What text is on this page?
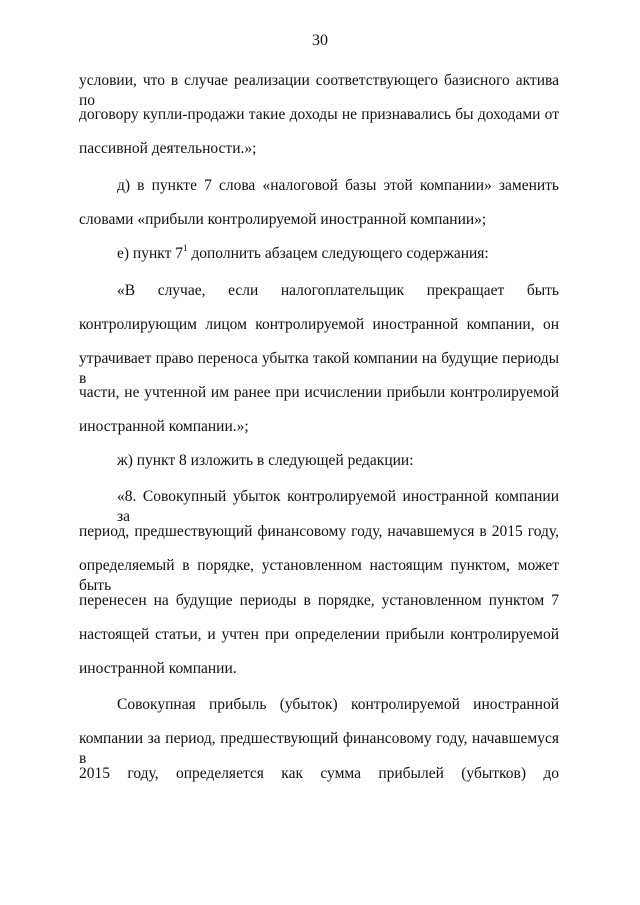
30
условии, что в случае реализации соответствующего базисного актива по
договору купли-продажи такие доходы не признавались бы доходами от
пассивной деятельности.»;
д) в пункте 7 слова «налоговой базы этой компании» заменить
словами «прибыли контролируемой иностранной компании»;
е) пункт $7^1$ дополнить абзацем следующего содержания:
«В случае, если налогоплательщик прекращает быть
контролирующим лицом контролируемой иностранной компании, он
утрачивает право переноса убытка такой компании на будущие периоды в
части, не учтенной им ранее при исчислении прибыли контролируемой
иностранной компании.»;
ж) пункт 8 изложить в следующей редакции:
«8. Совокупный убыток контролируемой иностранной компании за
период, предшествующий финансовому году, начавшемуся в 2015 году,
определяемый в порядке, установленном настоящим пунктом, может быть
перенесен на будущие периоды в порядке, установленном пунктом 7
настоящей статьи, и учтен при определении прибыли контролируемой
иностранной компании.
Совокупная прибыль (убыток) контролируемой иностранной
компании за период, предшествующий финансовому году, начавшемуся в
2015 году, определяется как сумма прибылей (убытков) до
